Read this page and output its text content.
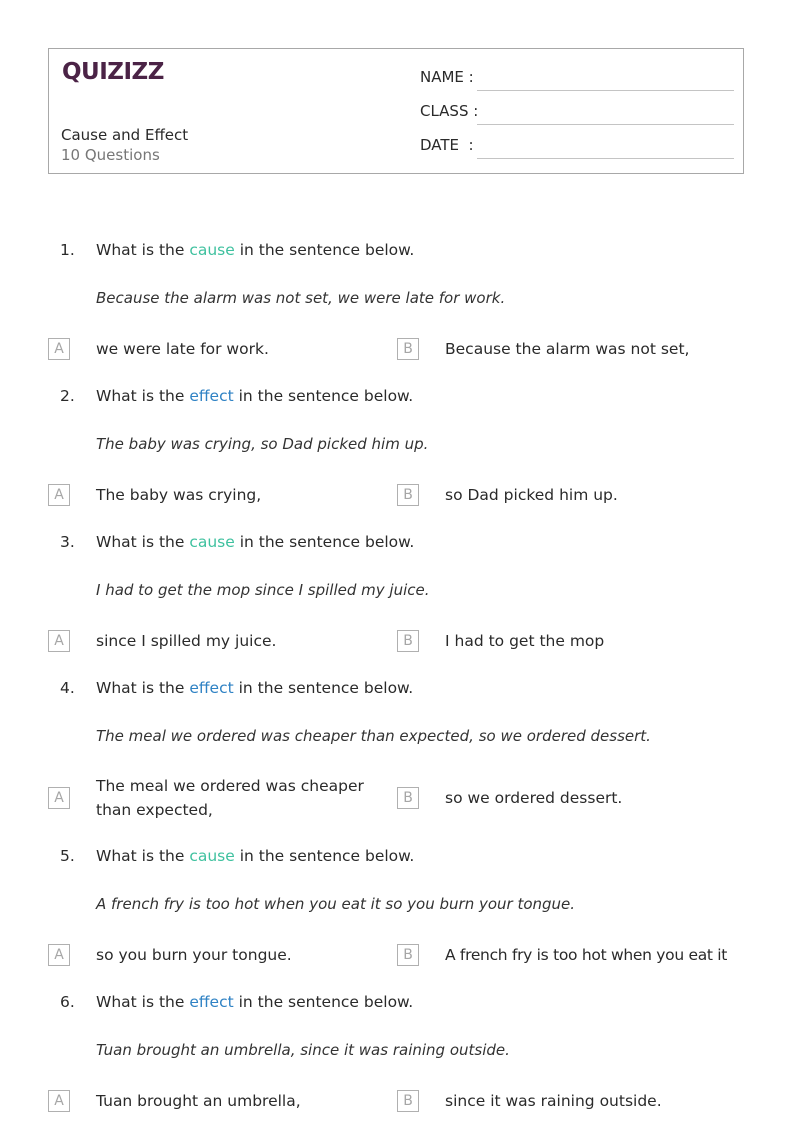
QUIZIZZ
Cause and Effect
10 Questions
NAME :
CLASS :
DATE  :
1. What is the cause in the sentence below.
Because the alarm was not set, we were late for work.
A	we were late for work.	B	Because the alarm was not set,
2. What is the effect in the sentence below.
The baby was crying, so Dad picked him up.
A	The baby was crying,	B	so Dad picked him up.
3. What is the cause in the sentence below.
I had to get the mop since I spilled my juice.
A	since I spilled my juice.	B	I had to get the mop
4. What is the effect in the sentence below.
The meal we ordered was cheaper than expected, so we ordered dessert.
A
The meal we ordered was cheaper than expected,
B	so we ordered dessert.
5. What is the cause in the sentence below.
A french fry is too hot when you eat it so you burn your tongue.
A	so you burn your tongue.	B	A french fry is too hot when you eat it
6. What is the effect in the sentence below.
Tuan brought an umbrella, since it was raining outside.
A	Tuan brought an umbrella,	B	since it was raining outside.
